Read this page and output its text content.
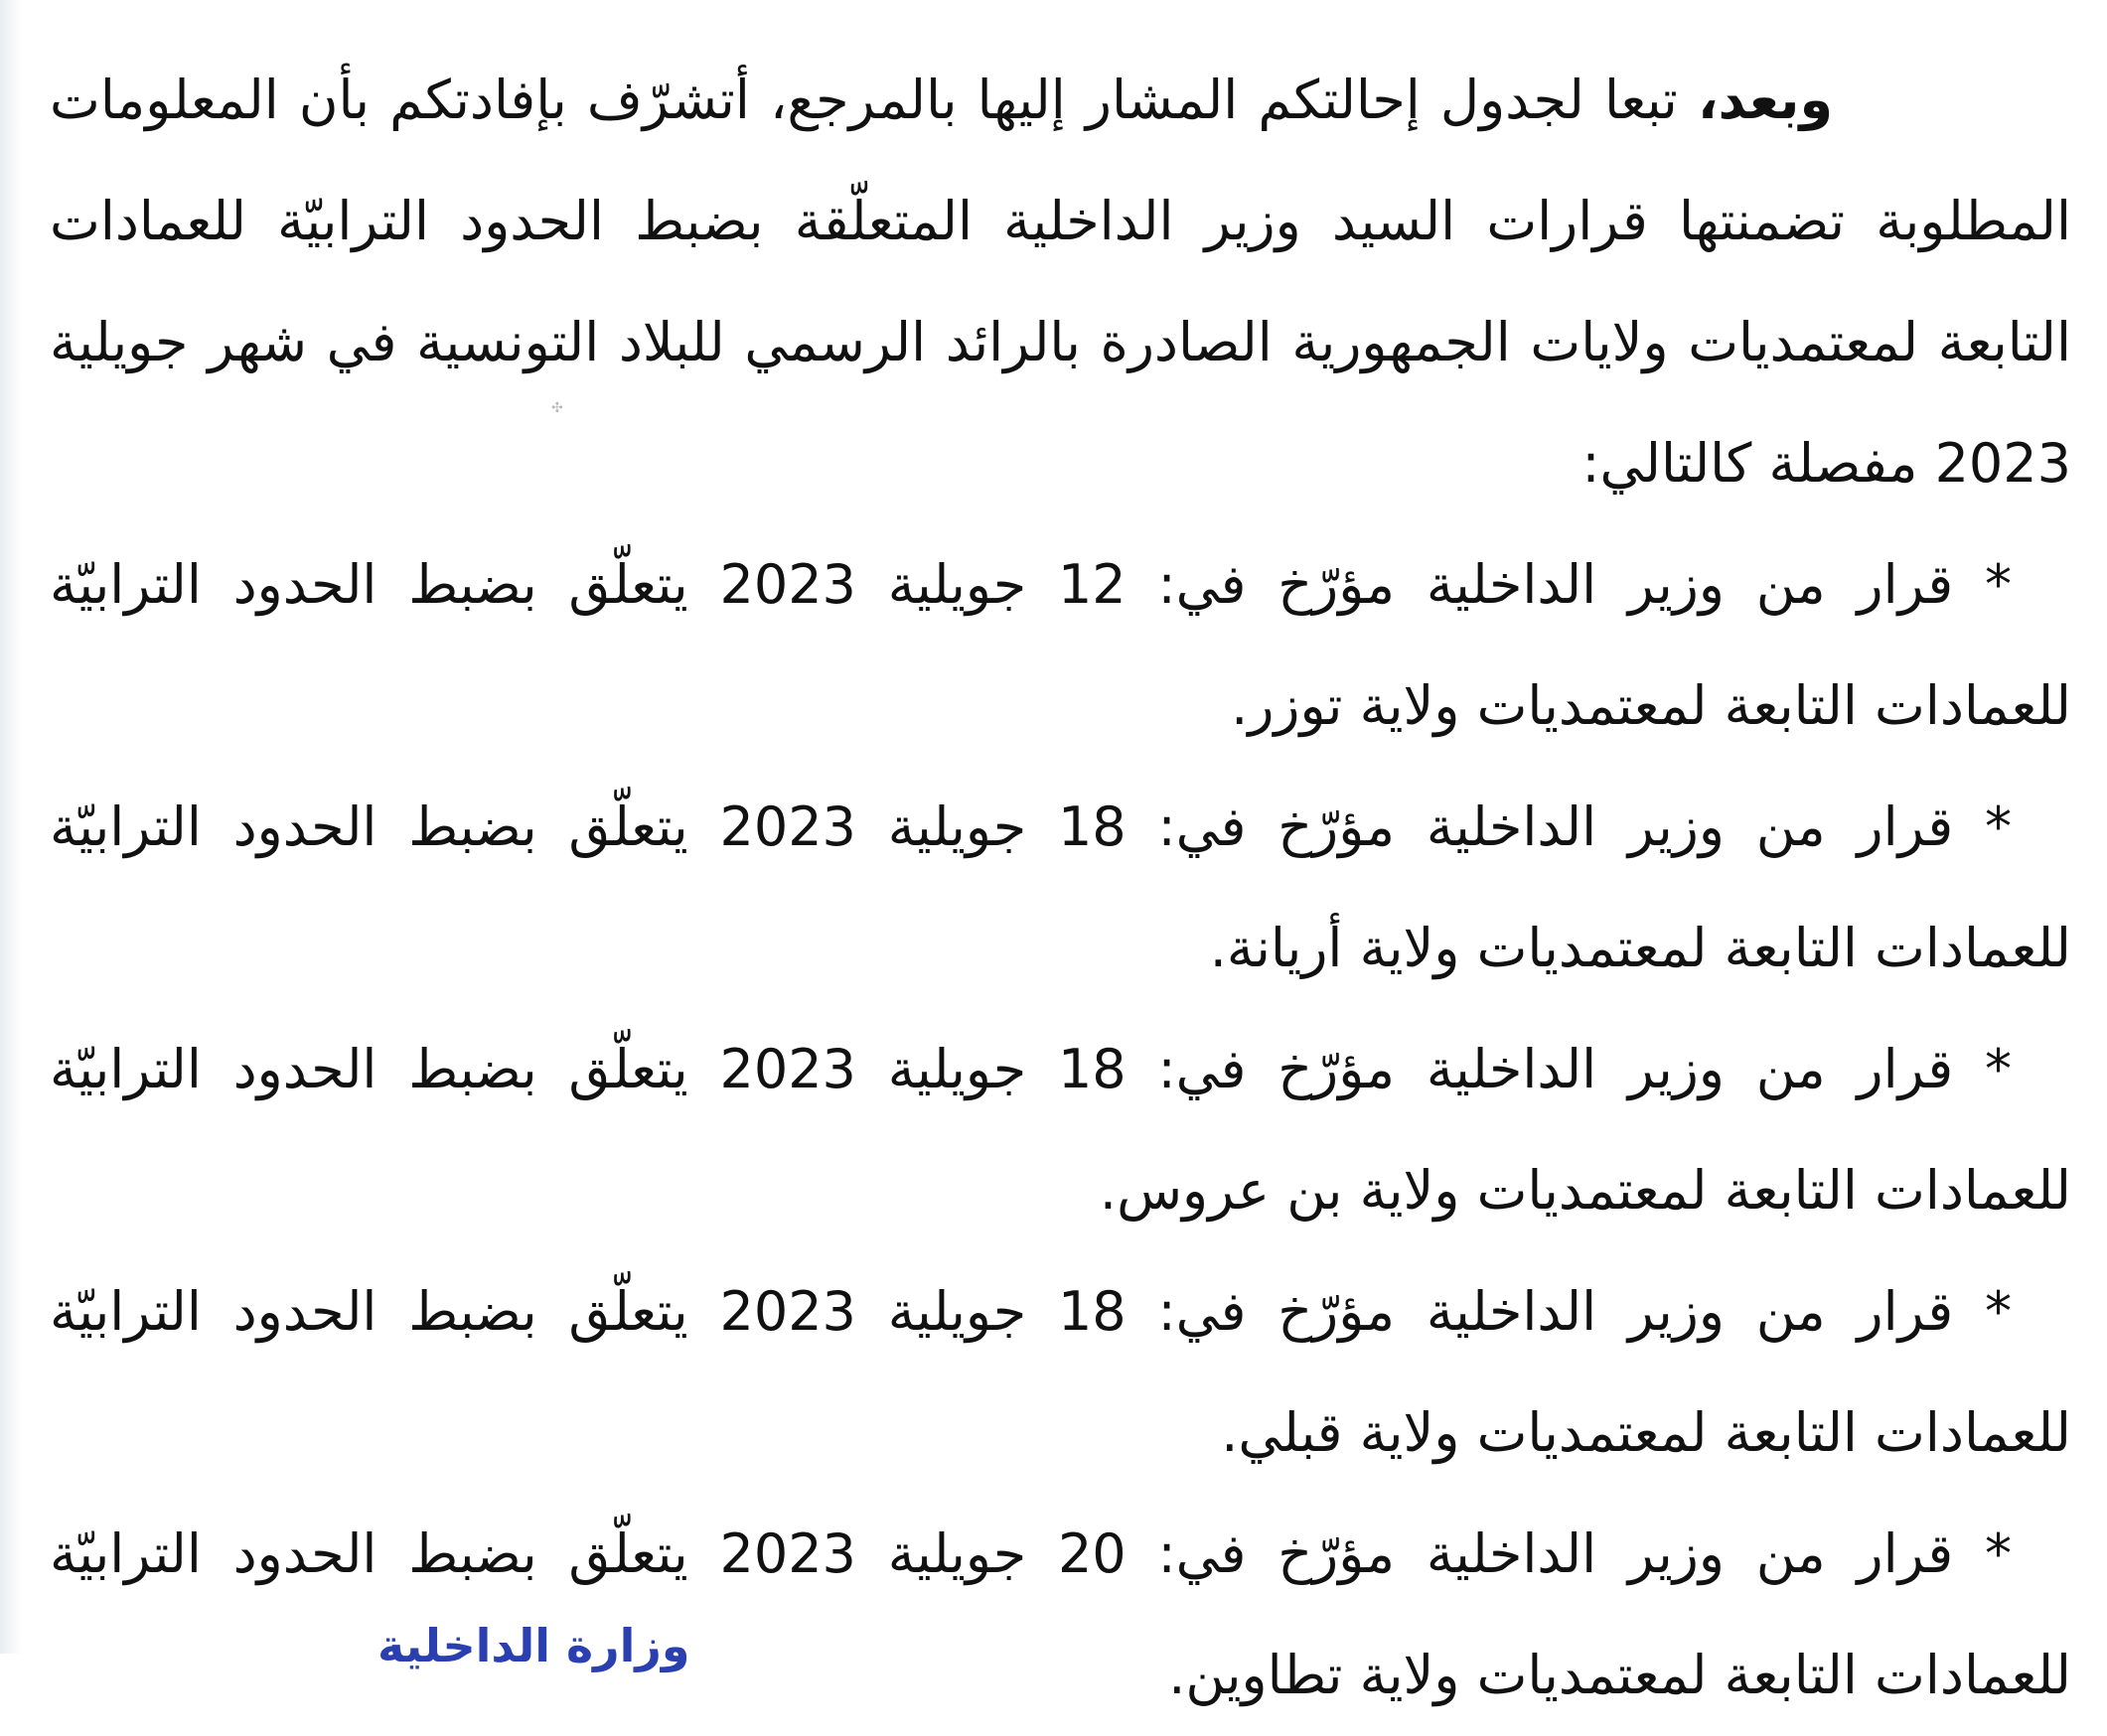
✣

وبعد، تبعا لجدول إحالتكم المشار إليها بالمرجع، أتشرّف بإفادتكم بأن المعلومات المطلوبة تضمنتها قرارات السيد وزير الداخلية المتعلّقة بضبط الحدود الترابيّة للعمادات التابعة لمعتمديات ولايات الجمهورية الصادرة بالرائد الرسمي للبلاد التونسية في شهر جويلية 2023 مفصلة كالتالي:

* قرار من وزير الداخلية مؤرّخ في: 12 جويلية 2023 يتعلّق بضبط الحدود الترابيّة للعمادات التابعة لمعتمديات ولاية توزر.

* قرار من وزير الداخلية مؤرّخ في: 18 جويلية 2023 يتعلّق بضبط الحدود الترابيّة للعمادات التابعة لمعتمديات ولاية أريانة.

* قرار من وزير الداخلية مؤرّخ في: 18 جويلية 2023 يتعلّق بضبط الحدود الترابيّة للعمادات التابعة لمعتمديات ولاية بن عروس.

* قرار من وزير الداخلية مؤرّخ في: 18 جويلية 2023 يتعلّق بضبط الحدود الترابيّة للعمادات التابعة لمعتمديات ولاية قبلي.

* قرار من وزير الداخلية مؤرّخ في: 20 جويلية 2023 يتعلّق بضبط الحدود الترابيّة للعمادات التابعة لمعتمديات ولاية تطاوين.

وزارة الداخلية
